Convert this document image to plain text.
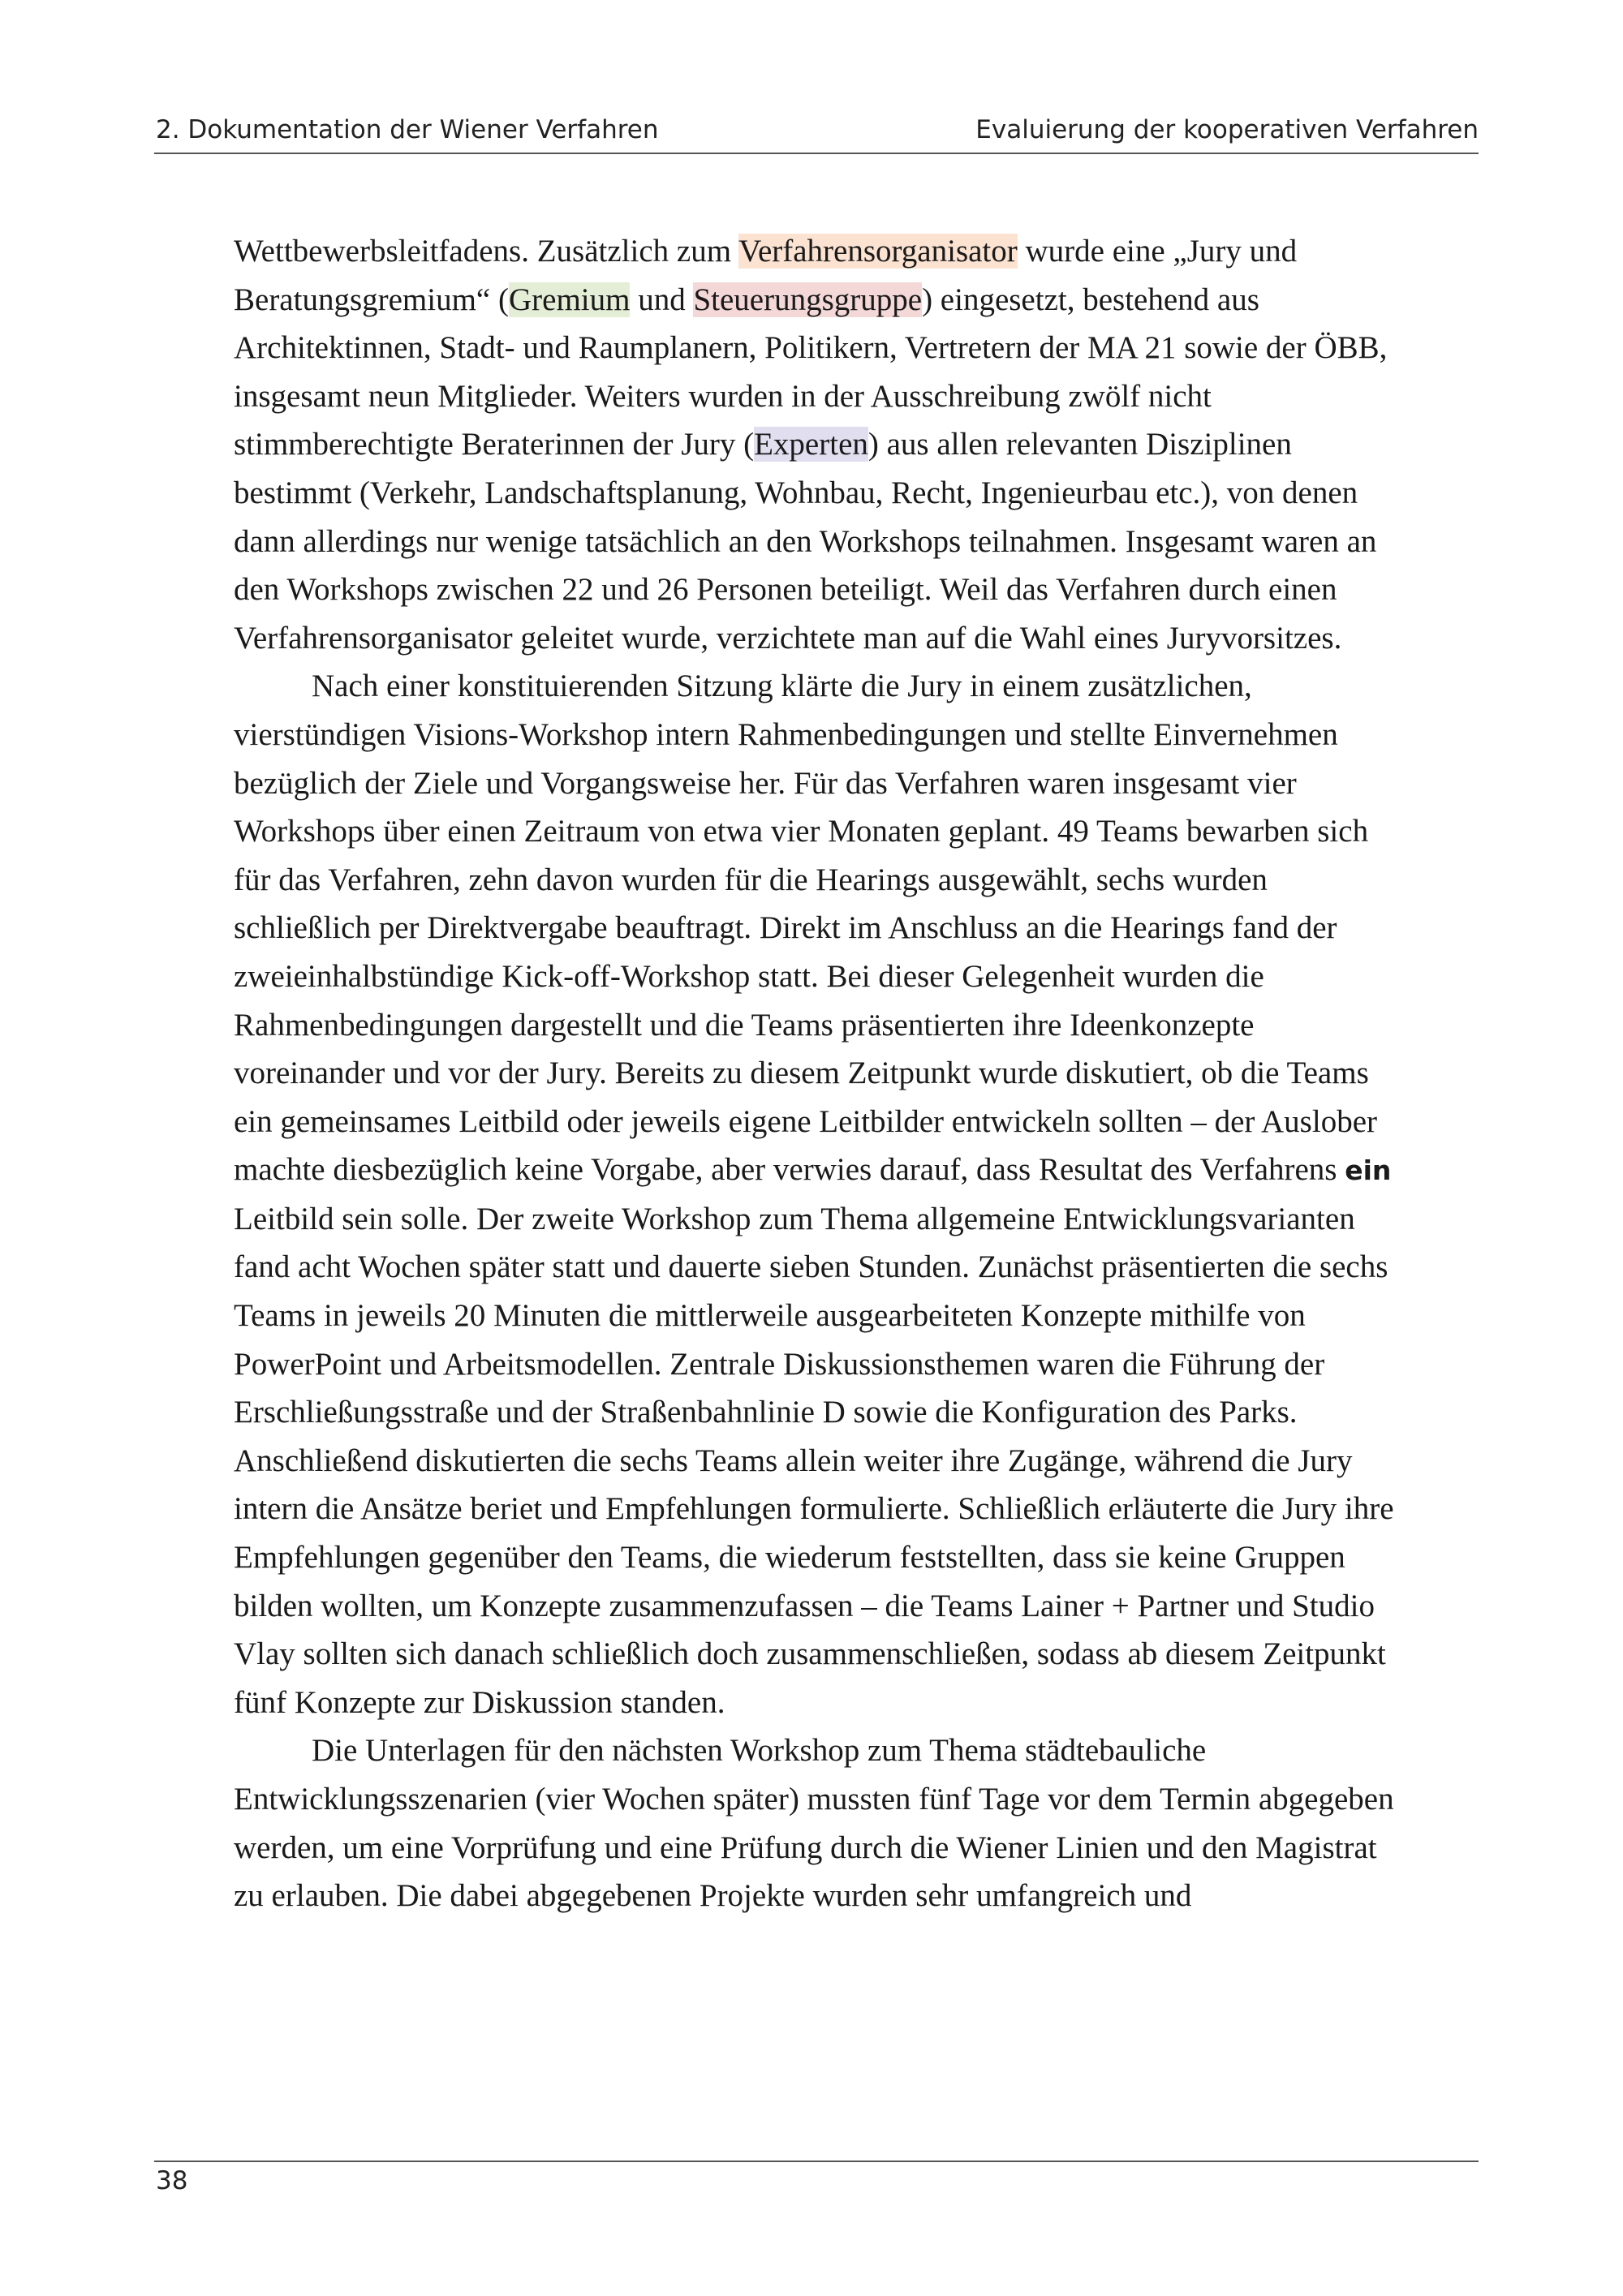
2. Dokumentation der Wiener Verfahren	Evaluierung der kooperativen Verfahren

Wettbewerbsleitfadens. Zusätzlich zum Verfahrensorganisator wurde eine „Jury und Beratungsgremium“ (Gremium und Steuerungsgruppe) eingesetzt, bestehend aus Architektinnen, Stadt- und Raumplanern, Politikern, Vertretern der MA 21 sowie der ÖBB, insgesamt neun Mitglieder. Weiters wurden in der Ausschreibung zwölf nicht stimmberechtigte Beraterinnen der Jury (Experten) aus allen relevanten Disziplinen bestimmt (Verkehr, Landschaftsplanung, Wohnbau, Recht, Ingenieurbau etc.), von denen dann allerdings nur wenige tatsächlich an den Workshops teilnahmen. Insgesamt waren an den Workshops zwischen 22 und 26 Personen beteiligt. Weil das Verfahren durch einen Verfahrensorganisator geleitet wurde, verzichtete man auf die Wahl eines Juryvorsitzes.

Nach einer konstituierenden Sitzung klärte die Jury in einem zusätzlichen, vierstündigen Visions-Workshop intern Rahmenbedingungen und stellte Einvernehmen bezüglich der Ziele und Vorgangsweise her. Für das Verfahren waren insgesamt vier Workshops über einen Zeitraum von etwa vier Monaten geplant. 49 Teams bewarben sich für das Verfahren, zehn davon wurden für die Hearings ausgewählt, sechs wurden schließlich per Direktvergabe beauftragt. Direkt im Anschluss an die Hearings fand der zweieinhalbstündige Kick-off-Workshop statt. Bei dieser Gelegenheit wurden die Rahmenbedingungen dargestellt und die Teams präsentierten ihre Ideenkonzepte voreinander und vor der Jury. Bereits zu diesem Zeitpunkt wurde diskutiert, ob die Teams ein gemeinsames Leitbild oder jeweils eigene Leitbilder entwickeln sollten – der Auslober machte diesbezüglich keine Vorgabe, aber verwies darauf, dass Resultat des Verfahrens ein Leitbild sein solle. Der zweite Workshop zum Thema allgemeine Entwicklungsvarianten fand acht Wochen später statt und dauerte sieben Stunden. Zunächst präsentierten die sechs Teams in jeweils 20 Minuten die mittlerweile ausgearbeiteten Konzepte mithilfe von PowerPoint und Arbeitsmodellen. Zentrale Diskussionsthemen waren die Führung der Erschließungsstraße und der Straßenbahnlinie D sowie die Konfiguration des Parks. Anschließend diskutierten die sechs Teams allein weiter ihre Zugänge, während die Jury intern die Ansätze beriet und Empfehlungen formulierte. Schließlich erläuterte die Jury ihre Empfehlungen gegenüber den Teams, die wiederum feststellten, dass sie keine Gruppen bilden wollten, um Konzepte zusammenzufassen – die Teams Lainer + Partner und Studio Vlay sollten sich danach schließlich doch zusammenschließen, sodass ab diesem Zeitpunkt fünf Konzepte zur Diskussion standen.

Die Unterlagen für den nächsten Workshop zum Thema städtebauliche Entwicklungsszenarien (vier Wochen später) mussten fünf Tage vor dem Termin abgegeben werden, um eine Vorprüfung und eine Prüfung durch die Wiener Linien und den Magistrat zu erlauben. Die dabei abgegebenen Projekte wurden sehr umfangreich und

38
